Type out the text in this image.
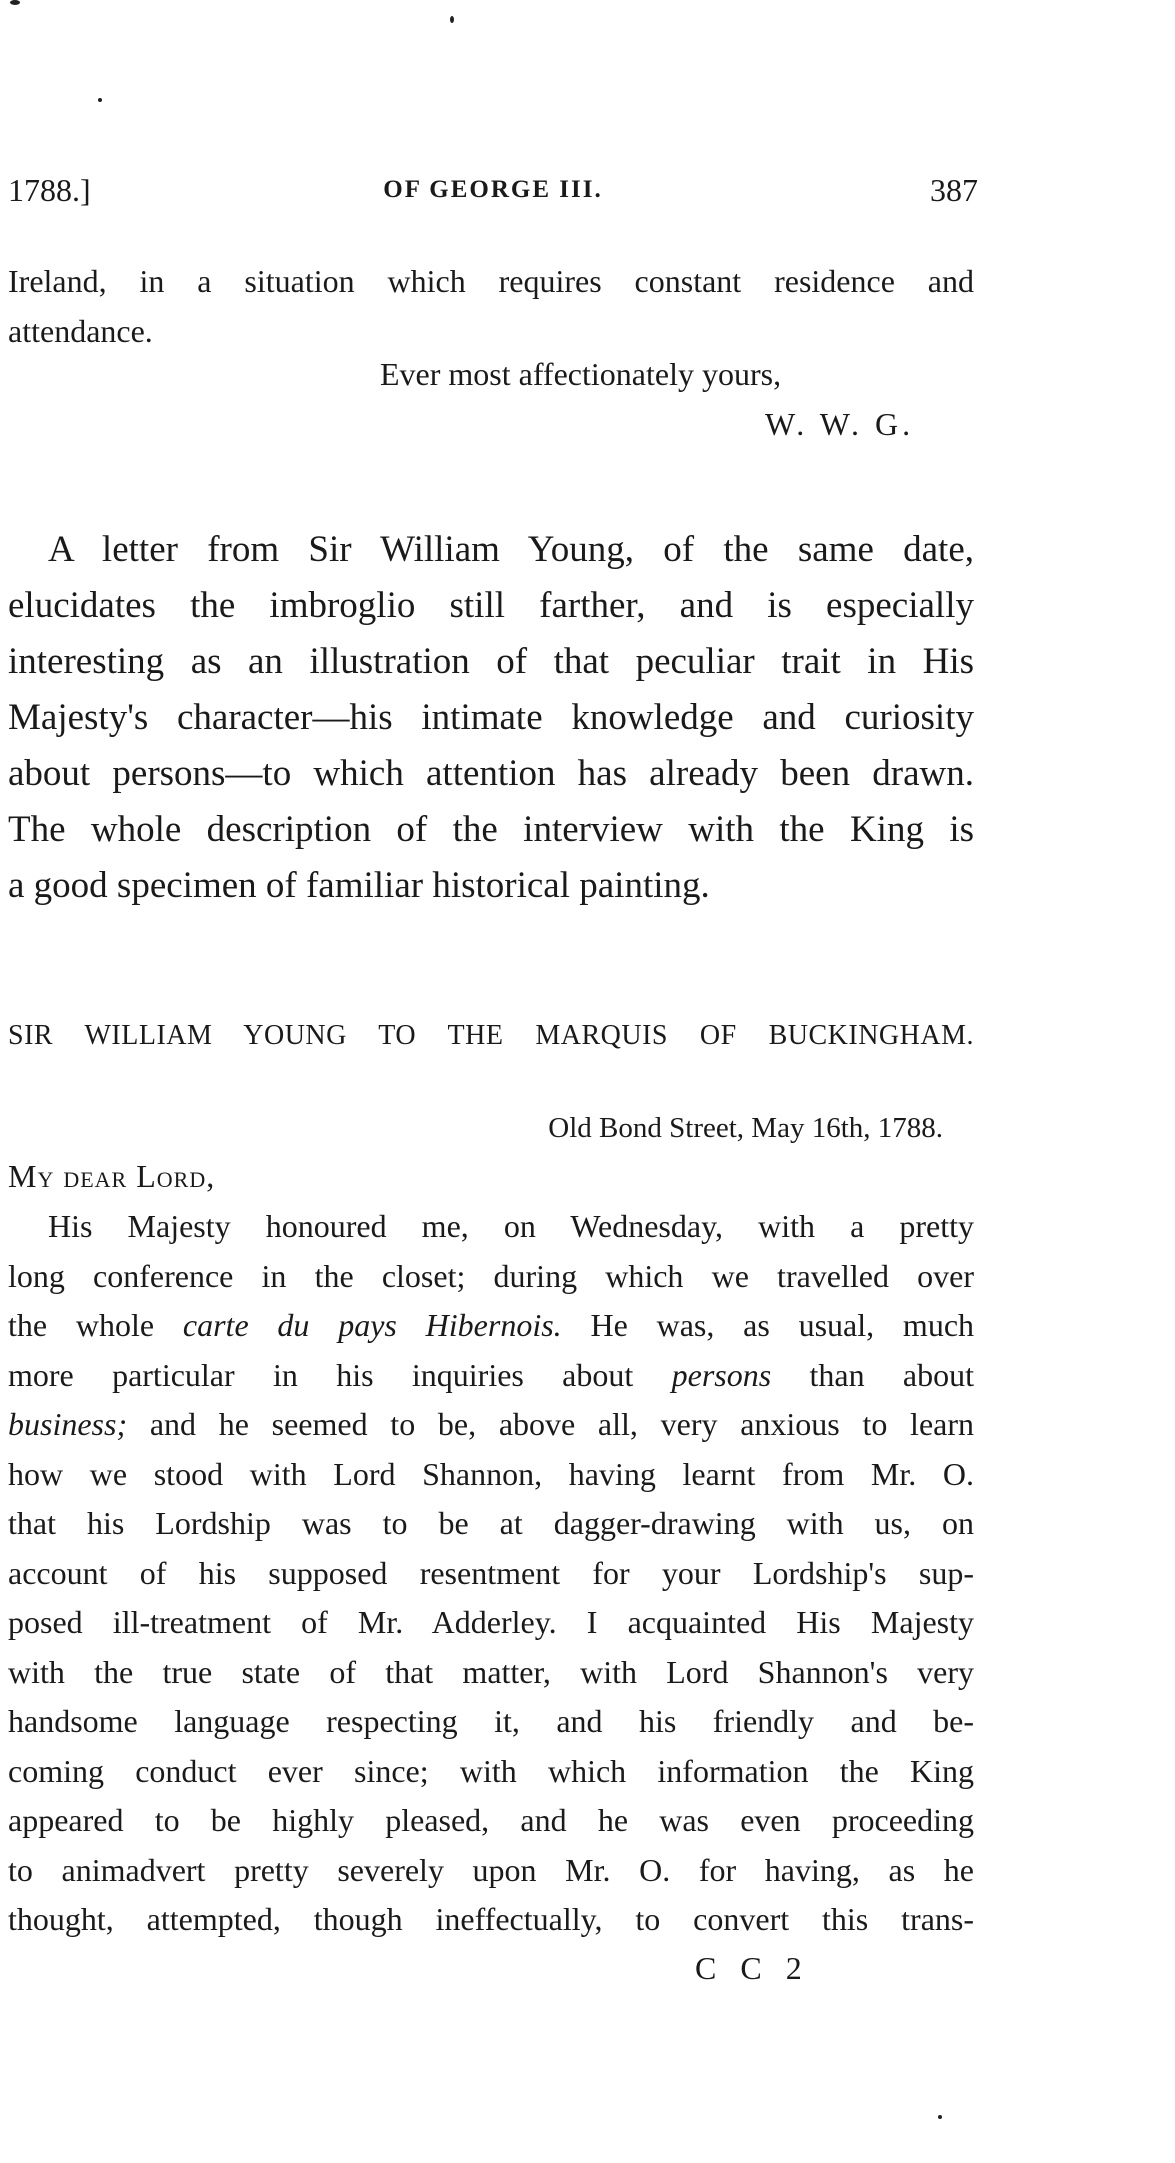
1788.]	OF GEORGE III.	387
Ireland, in a situation which requires constant residence and
attendance.
Ever most affectionately yours,
W. W. G.
A letter from Sir William Young, of the same date,
elucidates the imbroglio still farther, and is especially
interesting as an illustration of that peculiar trait in His
Majesty's character—his intimate knowledge and curiosity
about persons—to which attention has already been drawn.
The whole description of the interview with the King is
a good specimen of familiar historical painting.
SIR WILLIAM YOUNG TO THE MARQUIS OF BUCKINGHAM.
Old Bond Street, May 16th, 1788.
My dear Lord,
His Majesty honoured me, on Wednesday, with a pretty
long conference in the closet; during which we travelled over
the whole carte du pays Hibernois. He was, as usual, much
more particular in his inquiries about persons than about
business; and he seemed to be, above all, very anxious to learn
how we stood with Lord Shannon, having learnt from Mr. O.
that his Lordship was to be at dagger-drawing with us, on
account of his supposed resentment for your Lordship's sup-
posed ill-treatment of Mr. Adderley. I acquainted His Majesty
with the true state of that matter, with Lord Shannon's very
handsome language respecting it, and his friendly and be-
coming conduct ever since; with which information the King
appeared to be highly pleased, and he was even proceeding
to animadvert pretty severely upon Mr. O. for having, as he
thought, attempted, though ineffectually, to convert this trans-
C C 2
